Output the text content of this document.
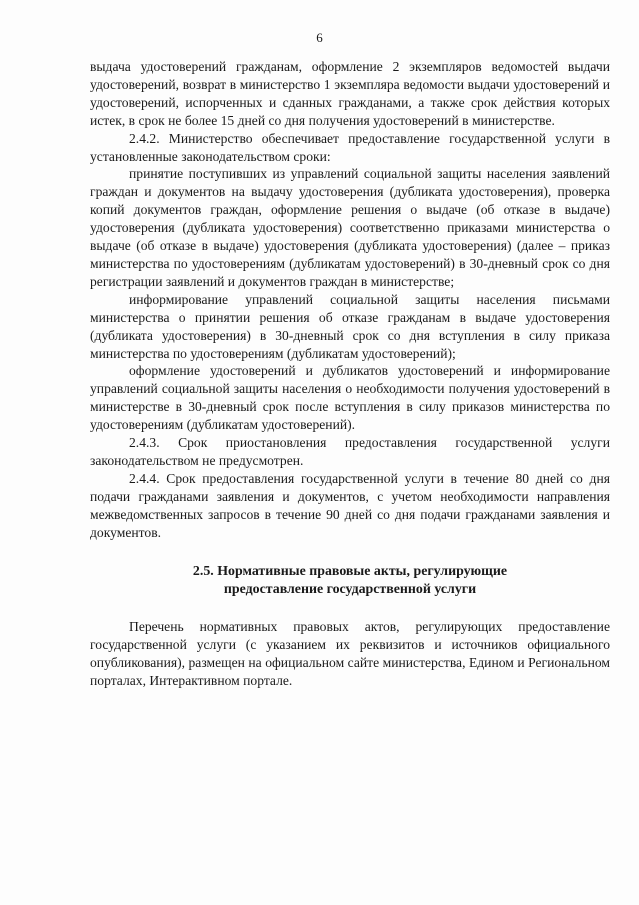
6

выдача удостоверений гражданам, оформление 2 экземпляров ведомостей выдачи удостоверений, возврат в министерство 1 экземпляра ведомости выдачи удостоверений и удостоверений, испорченных и сданных гражданами, а также срок действия которых истек, в срок не более 15 дней со дня получения удостоверений в министерстве.

2.4.2. Министерство обеспечивает предоставление государственной услуги в установленные законодательством сроки:

принятие поступивших из управлений социальной защиты населения заявлений граждан и документов на выдачу удостоверения (дубликата удостоверения), проверка копий документов граждан, оформление решения о выдаче (об отказе в выдаче) удостоверения (дубликата удостоверения) соответственно приказами министерства о выдаче (об отказе в выдаче) удостоверения (дубликата удостоверения) (далее – приказ министерства по удостоверениям (дубликатам удостоверений) в 30-дневный срок со дня регистрации заявлений и документов граждан в министерстве;

информирование управлений социальной защиты населения письмами министерства о принятии решения об отказе гражданам в выдаче удостоверения (дубликата удостоверения) в 30-дневный срок со дня вступления в силу приказа министерства по удостоверениям (дубликатам удостоверений);

оформление удостоверений и дубликатов удостоверений и информирование управлений социальной защиты населения о необходимости получения удостоверений в министерстве в 30-дневный срок после вступления в силу приказов министерства по удостоверениям (дубликатам удостоверений).

2.4.3. Срок приостановления предоставления государственной услуги законодательством не предусмотрен.

2.4.4. Срок предоставления государственной услуги в течение 80 дней со дня подачи гражданами заявления и документов, с учетом необходимости направления межведомственных запросов в течение 90 дней со дня подачи гражданами заявления и документов.

2.5. Нормативные правовые акты, регулирующие
предоставление государственной услуги

Перечень нормативных правовых актов, регулирующих предоставление государственной услуги (с указанием их реквизитов и источников официального опубликования), размещен на официальном сайте министерства, Едином и Региональном порталах, Интерактивном портале.
